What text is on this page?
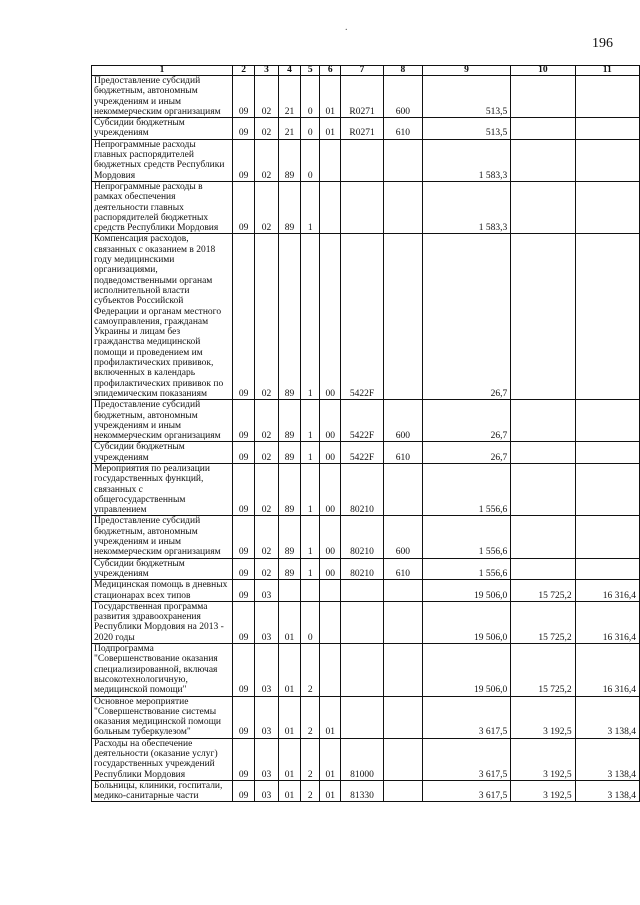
196
.
1	2	3	4	5	6	7	8	9	10	11
Предоставление субсидий бюджетным, автономным учреждениям и иным некоммерческим организациям	09	02	21	0	01	R0271	600	513,5		
Субсидии бюджетным учреждениям	09	02	21	0	01	R0271	610	513,5		
Непрограммные расходы главных распорядителей бюджетных средств Республики Мордовия	09	02	89	0				1 583,3		
Непрограммные расходы в рамках обеспечения деятельности главных распорядителей бюджетных средств Республики Мордовия	09	02	89	1				1 583,3		
Компенсация расходов, связанных с оказанием в 2018 году медицинскими организациями, подведомственными органам исполнительной власти субъектов Российской Федерации и органам местного самоуправления, гражданам Украины и лицам без гражданства медицинской помощи и проведением им профилактических прививок, включенных в календарь профилактических прививок по эпидемическим показаниям	09	02	89	1	00	5422F		26,7		
Предоставление субсидий бюджетным, автономным учреждениям и иным некоммерческим организациям	09	02	89	1	00	5422F	600	26,7		
Субсидии бюджетным учреждениям	09	02	89	1	00	5422F	610	26,7		
Мероприятия по реализации государственных функций, связанных с общегосударственным управлением	09	02	89	1	00	80210		1 556,6		
Предоставление субсидий бюджетным, автономным учреждениям и иным некоммерческим организациям	09	02	89	1	00	80210	600	1 556,6		
Субсидии бюджетным учреждениям	09	02	89	1	00	80210	610	1 556,6		
Медицинская помощь в дневных стационарах всех типов	09	03						19 506,0	15 725,2	16 316,4
Государственная программа развития здравоохранения Республики Мордовия на 2013 - 2020 годы	09	03	01	0				19 506,0	15 725,2	16 316,4
Подпрограмма "Совершенствование оказания специализированной, включая высокотехнологичную, медицинской помощи"	09	03	01	2				19 506,0	15 725,2	16 316,4
Основное мероприятие "Совершенствование системы оказания медицинской помощи больным туберкулезом"	09	03	01	2	01			3 617,5	3 192,5	3 138,4
Расходы на обеспечение деятельности (оказание услуг) государственных учреждений Республики Мордовия	09	03	01	2	01	81000		3 617,5	3 192,5	3 138,4
Больницы, клиники, госпитали, медико-санитарные части	09	03	01	2	01	81330		3 617,5	3 192,5	3 138,4
